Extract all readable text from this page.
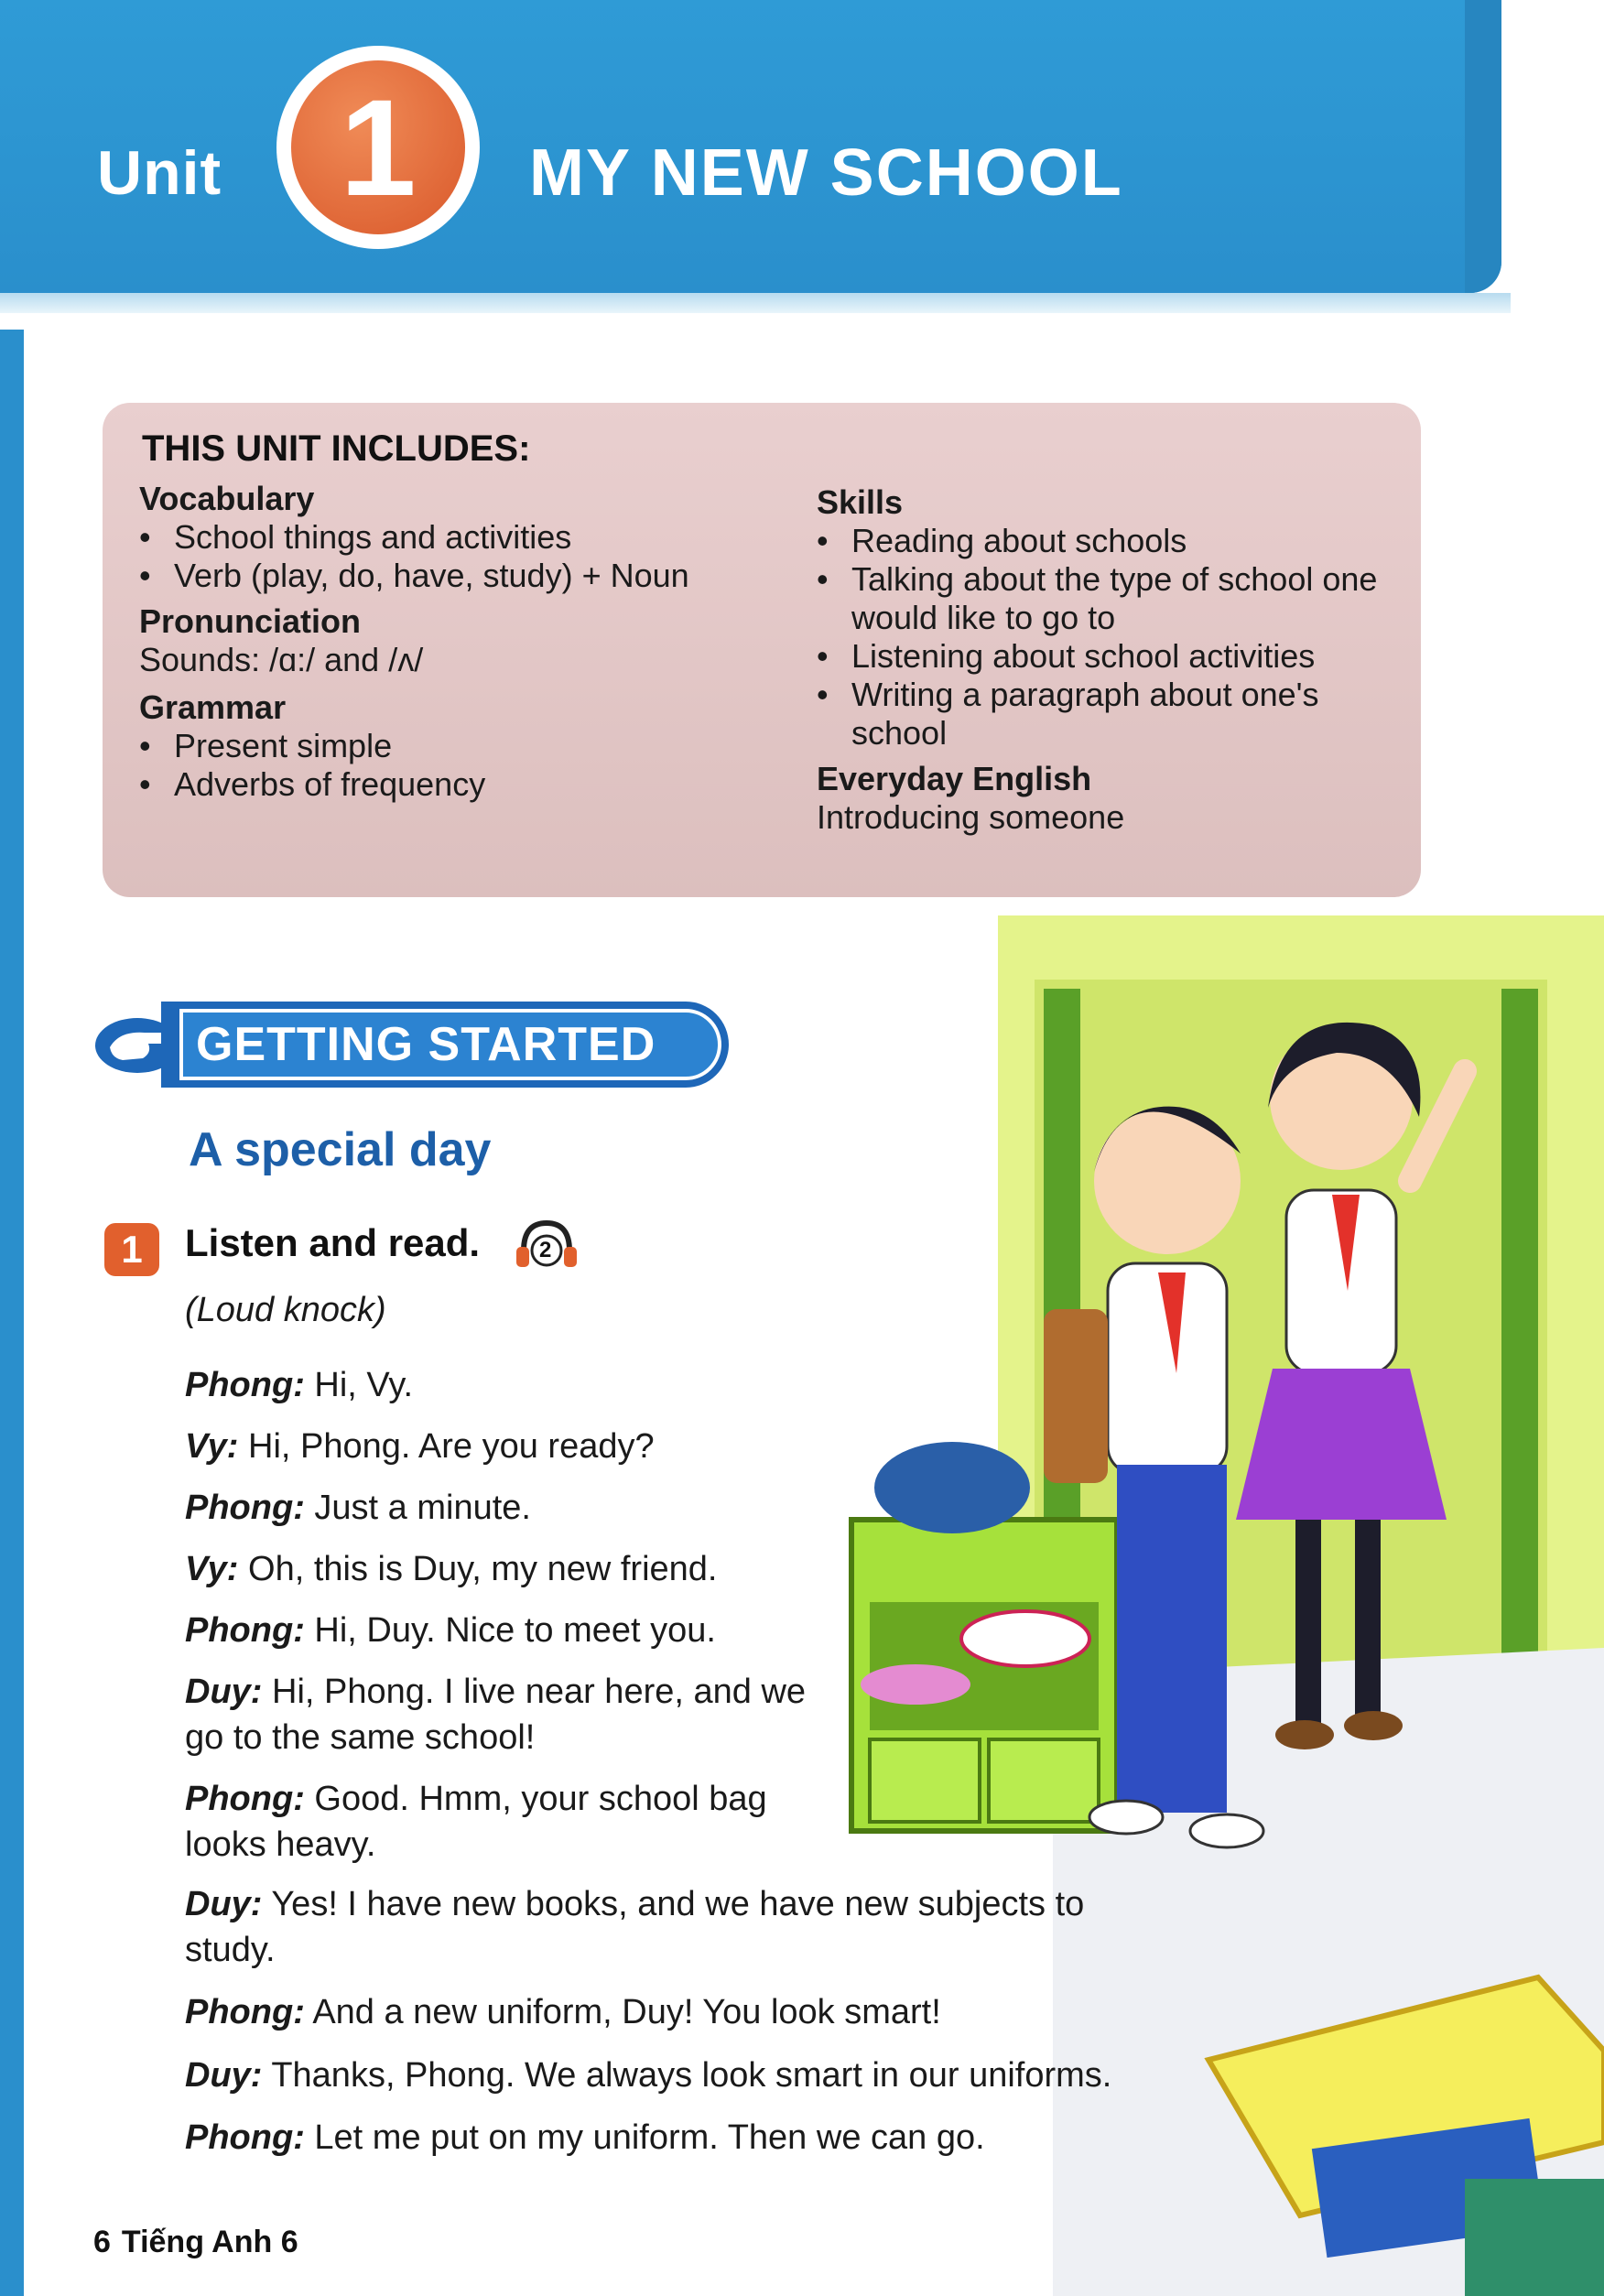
Unit 1	MY NEW SCHOOL
THIS UNIT INCLUDES:
Vocabulary
• School things and activities
• Verb (play, do, have, study) + Noun
Pronunciation

Sounds: /ɑ:/ and /ʌ/

Grammar
• Present simple
• Adverbs of frequency
Skills
• Reading about schools
• Talking about the type of school one would like to go to
• Listening about school activities
• Writing a paragraph about one's school
Everyday English

Introducing someone

GETTING STARTED
A special day
1	Listen and read.	2
(Loud knock)
Phong: Hi, Vy.
Vy: Hi, Phong. Are you ready?
Phong: Just a minute.
Vy: Oh, this is Duy, my new friend.
Phong: Hi, Duy. Nice to meet you.
Duy: Hi, Phong. I live near here, and we go to the same school!
Phong: Good. Hmm, your school bag looks heavy.
Duy: Yes! I have new books, and we have new subjects to study.
Phong: And a new uniform, Duy! You look smart!
Duy: Thanks, Phong. We always look smart in our uniforms.
Phong: Let me put on my uniform. Then we can go.
6 Tiếng Anh 6
